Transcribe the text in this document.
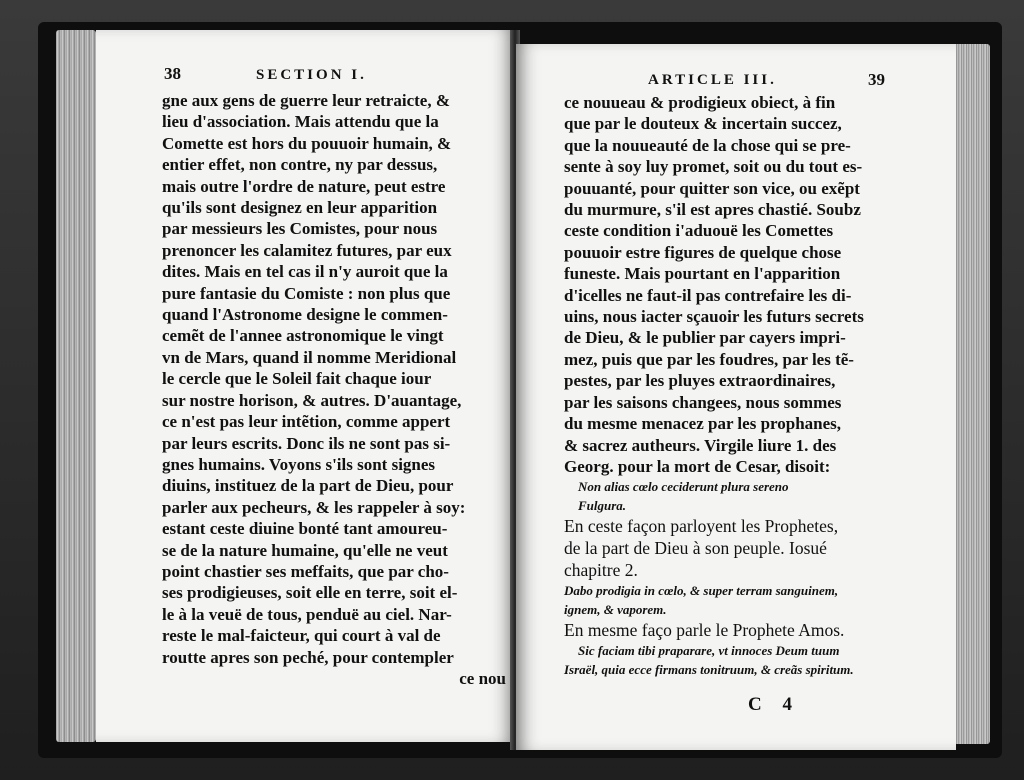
38	SECTION I.
gne aux gens de guerre leur retraicte, &
lieu d'association. Mais attendu que la
Comette est hors du pouuoir humain, &
entier effet, non contre, ny par dessus,
mais outre l'ordre de nature, peut estre
qu'ils sont designez en leur apparition
par messieurs les Comistes, pour nous
prenoncer les calamitez futures, par eux
dites. Mais en tel cas il n'y auroit que la
pure fantasie du Comiste : non plus que
quand l'Astronome designe le commen-
cemẽt de l'annee astronomique le vingt
vn de Mars, quand il nomme Meridional
le cercle que le Soleil fait chaque iour
sur nostre horison, & autres. D'auantage,
ce n'est pas leur intẽtion, comme appert
par leurs escrits. Donc ils ne sont pas si-
gnes humains. Voyons s'ils sont signes
diuins, instituez de la part de Dieu, pour
parler aux pecheurs, & les rappeler à soy:
estant ceste diuine bonté tant amoureu-
se de la nature humaine, qu'elle ne veut
point chastier ses meffaits, que par cho-
ses prodigieuses, soit elle en terre, soit el-
le à la veuë de tous, penduë au ciel. Nar-
reste le mal-faicteur, qui court à val de
routte apres son peché, pour contempler
ce nou
ARTICLE III.	39
ce nouueau & prodigieux obiect, à fin
que par le douteux & incertain succez,
que la nouueauté de la chose qui se pre-
sente à soy luy promet, soit ou du tout es-
pouuanté, pour quitter son vice, ou exẽpt
du murmure, s'il est apres chastié. Soubz
ceste condition i'aduouë les Comettes
pouuoir estre figures de quelque chose
funeste. Mais pourtant en l'apparition
d'icelles ne faut-il pas contrefaire les di-
uins, nous iacter sçauoir les futurs secrets
de Dieu, & le publier par cayers impri-
mez, puis que par les foudres, par les tẽ-
pestes, par les pluyes extraordinaires,
par les saisons changees, nous sommes
du mesme menacez par les prophanes,
& sacrez autheurs. Virgile liure 1. des
Georg. pour la mort de Cesar, disoit:
Non alias cœlo ceciderunt plura sereno
Fulgura.
En ceste façon parloyent les Prophetes,
de la part de Dieu à son peuple. Iosué
chapitre 2.
Dabo prodigia in cœlo, & super terram sanguinem,
ignem, & vaporem.
En mesme faço parle le Prophete Amos.
Sic faciam tibi praparare, vt innoces Deum tuum
Israël, quia ecce firmans tonitruum, & creãs spiritum.
C 4
